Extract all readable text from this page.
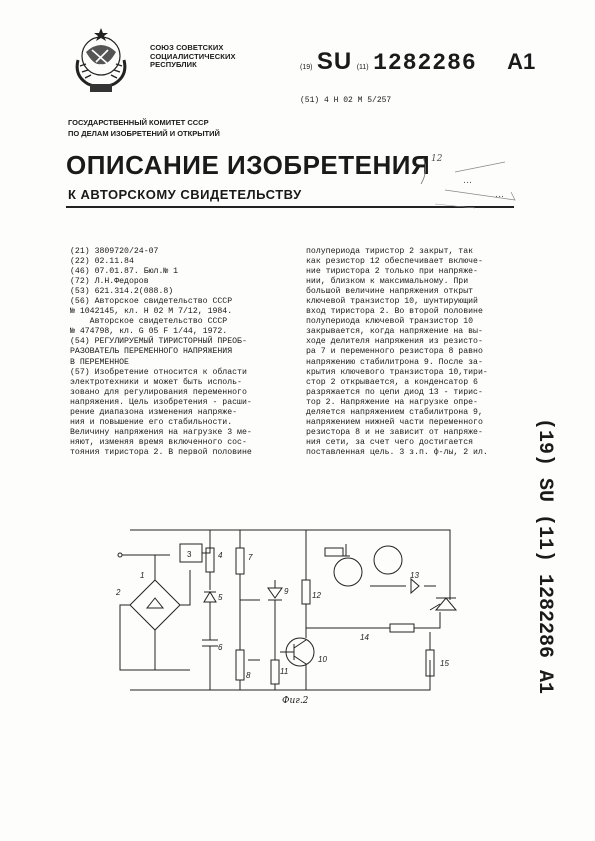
СОЮЗ СОВЕТСКИХ
СОЦИАЛИСТИЧЕСКИХ
РЕСПУБЛИК	(19) SU (11) 1282286 A1
(51) 4 H 02 M 5/257
ГОСУДАРСТВЕННЫЙ КОМИТЕТ СССР
ПО ДЕЛАМ ИЗОБРЕТЕНИЙ И ОТКРЫТИЙ
ОПИСАНИЕ ИЗОБРЕТЕНИЯ
К АВТОРСКОМУ СВИДЕТЕЛЬСТВУ
12
…
…
(21) 3809720/24-07
(22) 02.11.84
(46) 07.01.87. Бюл.№ 1
(72) Л.Н.Федоров
(53) 621.314.2(088.8)
(56) Авторское свидетельство СССР
№ 1042145, кл. Н 02 М 7/12, 1984.
Авторское свидетельство СССР
№ 474798, кл. G 05 F 1/44, 1972.
(54) РЕГУЛИРУЕМЫЙ ТИРИСТОРНЫЙ ПРЕОБ-
РАЗОВАТЕЛЬ ПЕРЕМЕННОГО НАПРЯЖЕНИЯ
В ПЕРЕМЕННОЕ
(57) Изобретение относится к области
электротехники и может быть исполь-
зовано для регулирования переменного
напряжения. Цель изобретения - расши-
рение диапазона изменения напряже-
ния и повышение его стабильности.
Величину напряжения на нагрузке 3 ме-
няют, изменяя время включенного сос-
тояния тиристора 2. В первой половине
полупериода тиристор 2 закрыт, так
как резистор 12 обеспечивает включе-
ние тиристора 2 только при напряже-
нии, близком к максимальному. При
большой величине напряжения открыт
ключевой транзистор 10, шунтирующий
вход тиристора 2. Во второй половине
полупериода ключевой транзистор 10
закрывается, когда напряжение на вы-
ходе делителя напряжения из резисто-
ра 7 и переменного резистора 8 равно
напряжению стабилитрона 9. После за-
крытия ключевого транзистора 10,тири-
стор 2 открывается, а конденсатор 6
разряжается по цепи диод 13 - тирис-
тор 2. Напряжение на нагрузке опре-
деляется напряжением стабилитрона 9,
напряжением нижней части переменного
резистора 8 и не зависит от напряже-
ния сети, за счет чего достигается
поставленная цель. 3 з.п. ф-лы, 2 ил.	(19) SU (11) 1282286 A1
1
2
3	4
5
6
7
8
9
10
11
12
13
14
15
Фиг.2
